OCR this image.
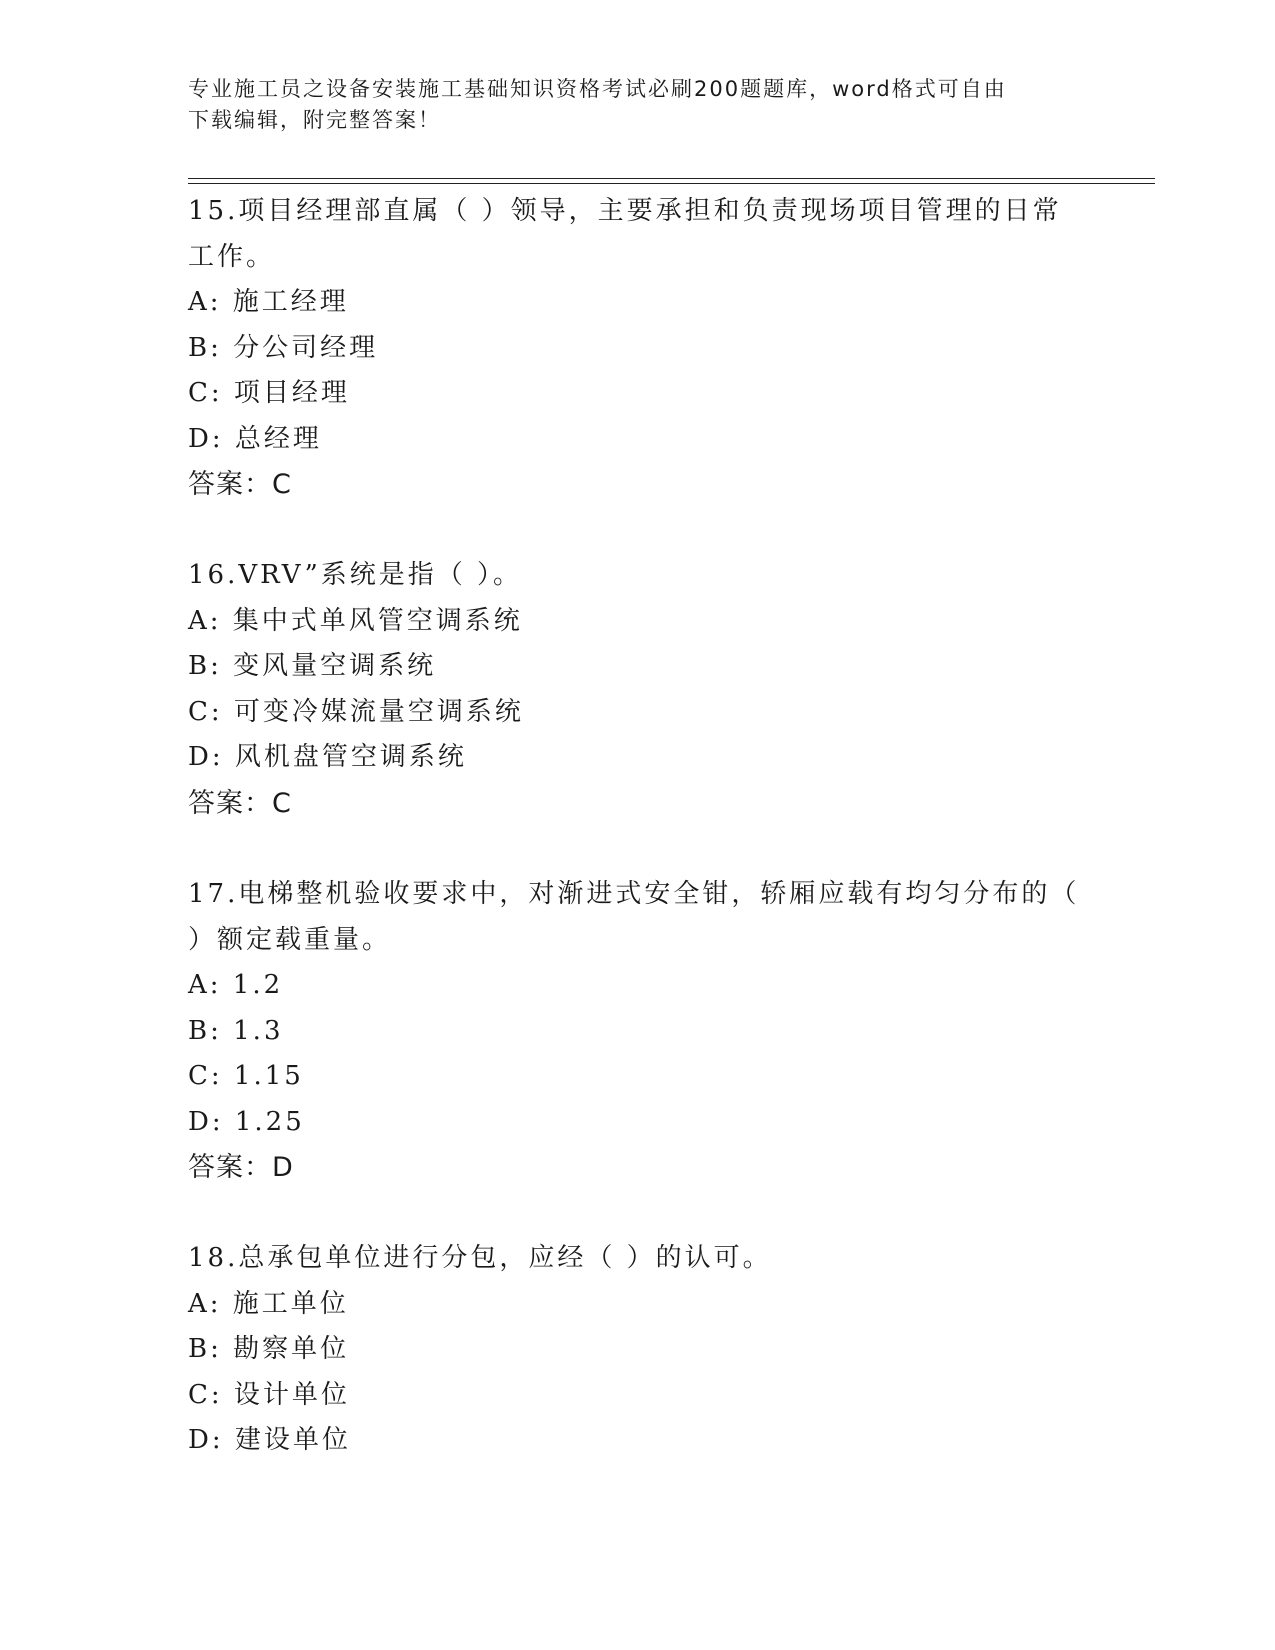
专业施工员之设备安装施工基础知识资格考试必刷200题题库，word格式可自由
下载编辑，附完整答案！
15.项目经理部直属（ ）领导，主要承担和负责现场项目管理的日常
工作。
A: 施工经理
B: 分公司经理
C: 项目经理
D: 总经理
答案：C
16.VRV”系统是指（ ）。
A: 集中式单风管空调系统
B: 变风量空调系统
C: 可变冷媒流量空调系统
D: 风机盘管空调系统
答案：C
17.电梯整机验收要求中，对渐进式安全钳，轿厢应载有均匀分布的（
）额定载重量。
A: 1.2
B: 1.3
C: 1.15
D: 1.25
答案：D
18.总承包单位进行分包，应经（ ）的认可。
A: 施工单位
B: 勘察单位
C: 设计单位
D: 建设单位
